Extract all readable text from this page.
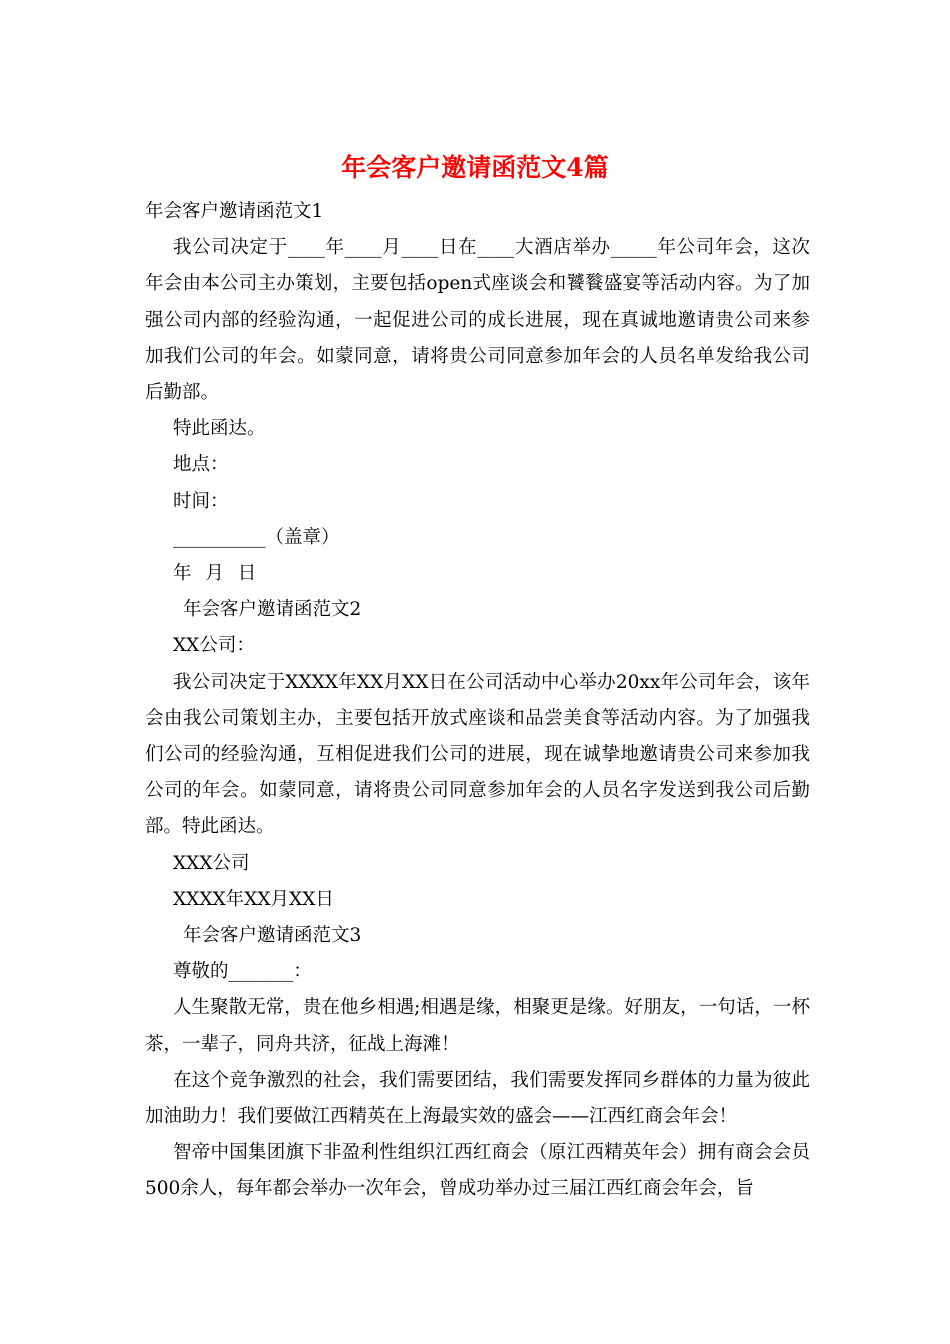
年会客户邀请函范文4篇

年会客户邀请函范文1

我公司决定于____年____月____日在____大酒店举办_____年公司年会，这次年会由本公司主办策划，主要包括open式座谈会和饕餮盛宴等活动内容。为了加强公司内部的经验沟通，一起促进公司的成长进展，现在真诚地邀请贵公司来参加我们公司的年会。如蒙同意，请将贵公司同意参加年会的人员名单发给我公司后勤部。

特此函达。

地点：

时间：

__________（盖章）

年 月 日

年会客户邀请函范文2

XX公司：

我公司决定于XXXX年XX月XX日在公司活动中心举办20xx年公司年会，该年会由我公司策划主办，主要包括开放式座谈和品尝美食等活动内容。为了加强我们公司的经验沟通，互相促进我们公司的进展，现在诚挚地邀请贵公司来参加我公司的年会。如蒙同意，请将贵公司同意参加年会的人员名字发送到我公司后勤部。特此函达。

XXX公司

XXXX年XX月XX日

年会客户邀请函范文3

尊敬的_______：

人生聚散无常，贵在他乡相遇;相遇是缘，相聚更是缘。好朋友，一句话，一杯茶，一辈子，同舟共济，征战上海滩！

在这个竞争激烈的社会，我们需要团结，我们需要发挥同乡群体的力量为彼此加油助力！我们要做江西精英在上海最实效的盛会——江西红商会年会！

智帝中国集团旗下非盈利性组织江西红商会（原江西精英年会）拥有商会会员500余人，每年都会举办一次年会，曾成功举办过三届江西红商会年会，旨
